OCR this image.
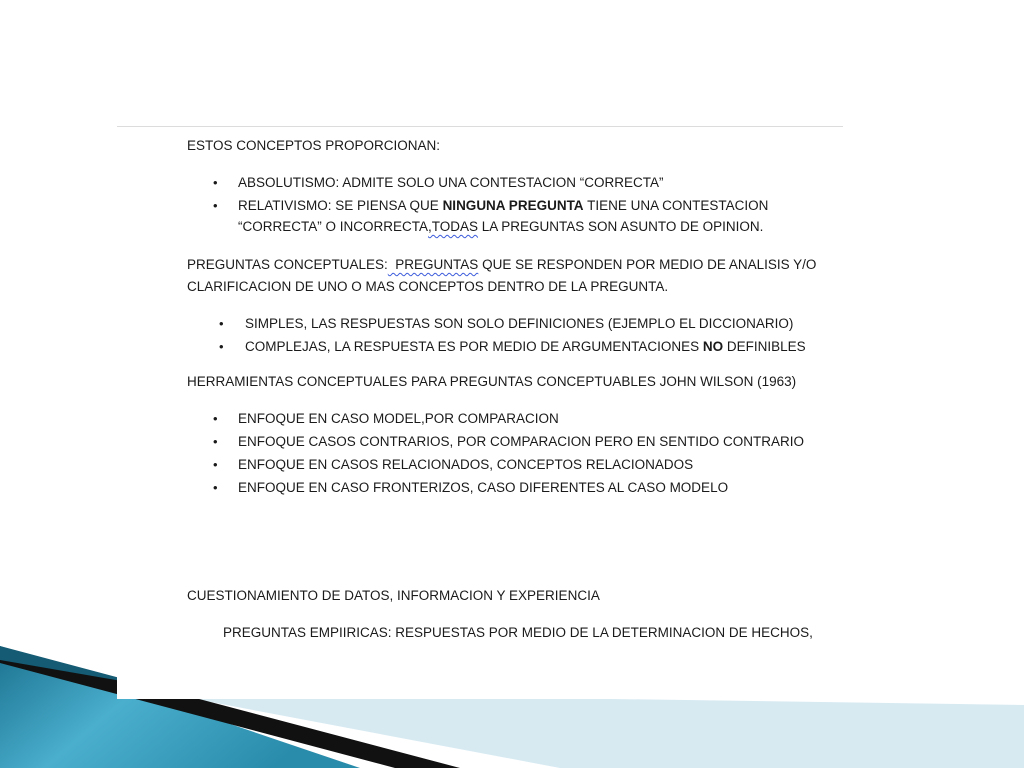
ESTOS CONCEPTOS PROPORCIONAN:
• ABSOLUTISMO: ADMITE SOLO UNA CONTESTACION “CORRECTA”
• RELATIVISMO: SE PIENSA QUE NINGUNA PREGUNTA TIENE UNA CONTESTACION
“CORRECTA” O INCORRECTA,TODAS LA PREGUNTAS SON ASUNTO DE OPINION.
PREGUNTAS CONCEPTUALES:  PREGUNTAS QUE SE RESPONDEN POR MEDIO DE ANALISIS Y/O
CLARIFICACION DE UNO O MAS CONCEPTOS DENTRO DE LA PREGUNTA.
• SIMPLES, LAS RESPUESTAS SON SOLO DEFINICIONES (EJEMPLO EL DICCIONARIO)
• COMPLEJAS, LA RESPUESTA ES POR MEDIO DE ARGUMENTACIONES NO DEFINIBLES
HERRAMIENTAS CONCEPTUALES PARA PREGUNTAS CONCEPTUABLES JOHN WILSON (1963)
• ENFOQUE EN CASO MODEL,POR COMPARACION
• ENFOQUE CASOS CONTRARIOS, POR COMPARACION PERO EN SENTIDO CONTRARIO
• ENFOQUE EN CASOS RELACIONADOS, CONCEPTOS RELACIONADOS
• ENFOQUE EN CASO FRONTERIZOS, CASO DIFERENTES AL CASO MODELO
CUESTIONAMIENTO DE DATOS, INFORMACION Y EXPERIENCIA
PREGUNTAS EMPIIRICAS: RESPUESTAS POR MEDIO DE LA DETERMINACION DE HECHOS,
